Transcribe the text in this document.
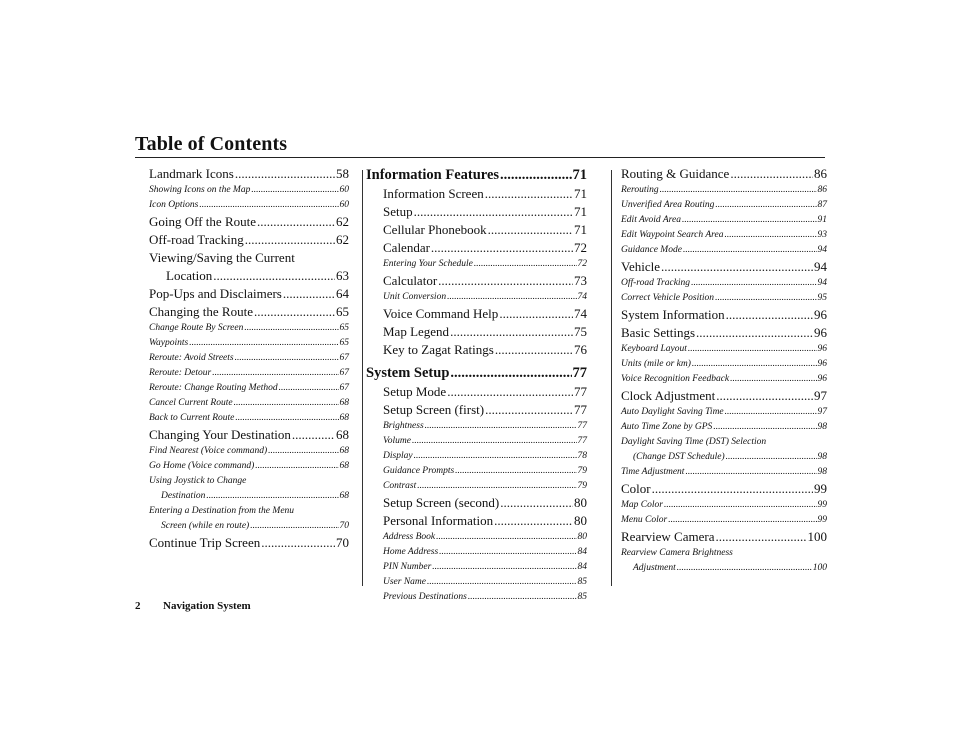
Table of Contents
Landmark Icons .....	58
Showing Icons on the Map .....	60
Icon Options .....	60
Going Off the Route .....	62
Off-road Tracking .....	62
Viewing/Saving the Current
Location .....	63
Pop-Ups and Disclaimers .....	64
Changing the Route .....	65
Change Route By Screen .....	65
Waypoints .....	65
Reroute: Avoid Streets .....	67
Reroute: Detour .....	67
Reroute: Change Routing Method .....	67
Cancel Current Route .....	68
Back to Current Route .....	68
Changing Your Destination .....	68
Find Nearest (Voice command) .....	68
Go Home (Voice command) .....	68
Using Joystick to Change
Destination .....	68
Entering a Destination from the Menu
Screen (while en route) .....	70
Continue Trip Screen .....	70
Information Features .....	71
Information Screen .....	71
Setup .....	71
Cellular Phonebook .....	71
Calendar .....	72
Entering Your Schedule .....	72
Calculator .....	73
Unit Conversion .....	74
Voice Command Help .....	74
Map Legend .....	75
Key to Zagat Ratings .....	76
System Setup .....	77
Setup Mode .....	77
Setup Screen (first) .....	77
Brightness .....	77
Volume .....	77
Display .....	78
Guidance Prompts .....	79
Contrast .....	79
Setup Screen (second) .....	80
Personal Information .....	80
Address Book .....	80
Home Address .....	84
PIN Number .....	84
User Name .....	85
Previous Destinations .....	85
Routing & Guidance .....	86
Rerouting .....	86
Unverified Area Routing .....	87
Edit Avoid Area .....	91
Edit Waypoint Search Area .....	93
Guidance Mode .....	94
Vehicle .....	94
Off-road Tracking .....	94
Correct Vehicle Position .....	95
System Information .....	96
Basic Settings .....	96
Keyboard Layout .....	96
Units (mile or km) .....	96
Voice Recognition Feedback .....	96
Clock Adjustment .....	97
Auto Daylight Saving Time .....	97
Auto Time Zone by GPS .....	98
Daylight Saving Time (DST) Selection
(Change DST Schedule) .....	98
Time Adjustment .....	98
Color .....	99
Map Color .....	99
Menu Color .....	99
Rearview Camera .....	100
Rearview Camera Brightness
Adjustment .....	100
2 Navigation System
